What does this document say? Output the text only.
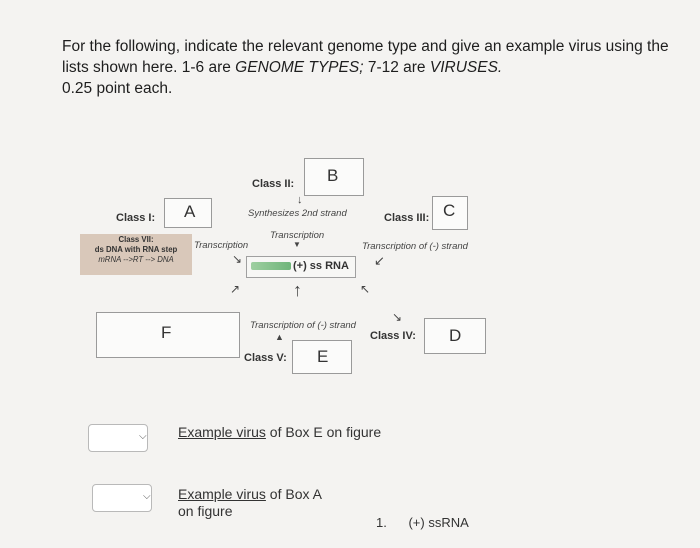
For the following, indicate the relevant genome type and give an example virus using the lists shown here. 1-6 are GENOME TYPES; 7-12 are VIRUSES.
0.25 point each.
Class I: A
Class II: B
↓
Synthesizes 2nd strand
Transcription
▼
Class III: C
Transcription of (-) strand
↙
Class VII:
ds DNA with RNA step
mRNA -->RT --> DNA
Transcription
↘	(+) ss RNA
↗	↖
↑
F	Transcription of (-) strand
▲
↘
Class IV: D
Class V: E
⌵ Example virus of Box E on figure
⌵ Example virus of Box A on figure
1. (+) ssRNA
